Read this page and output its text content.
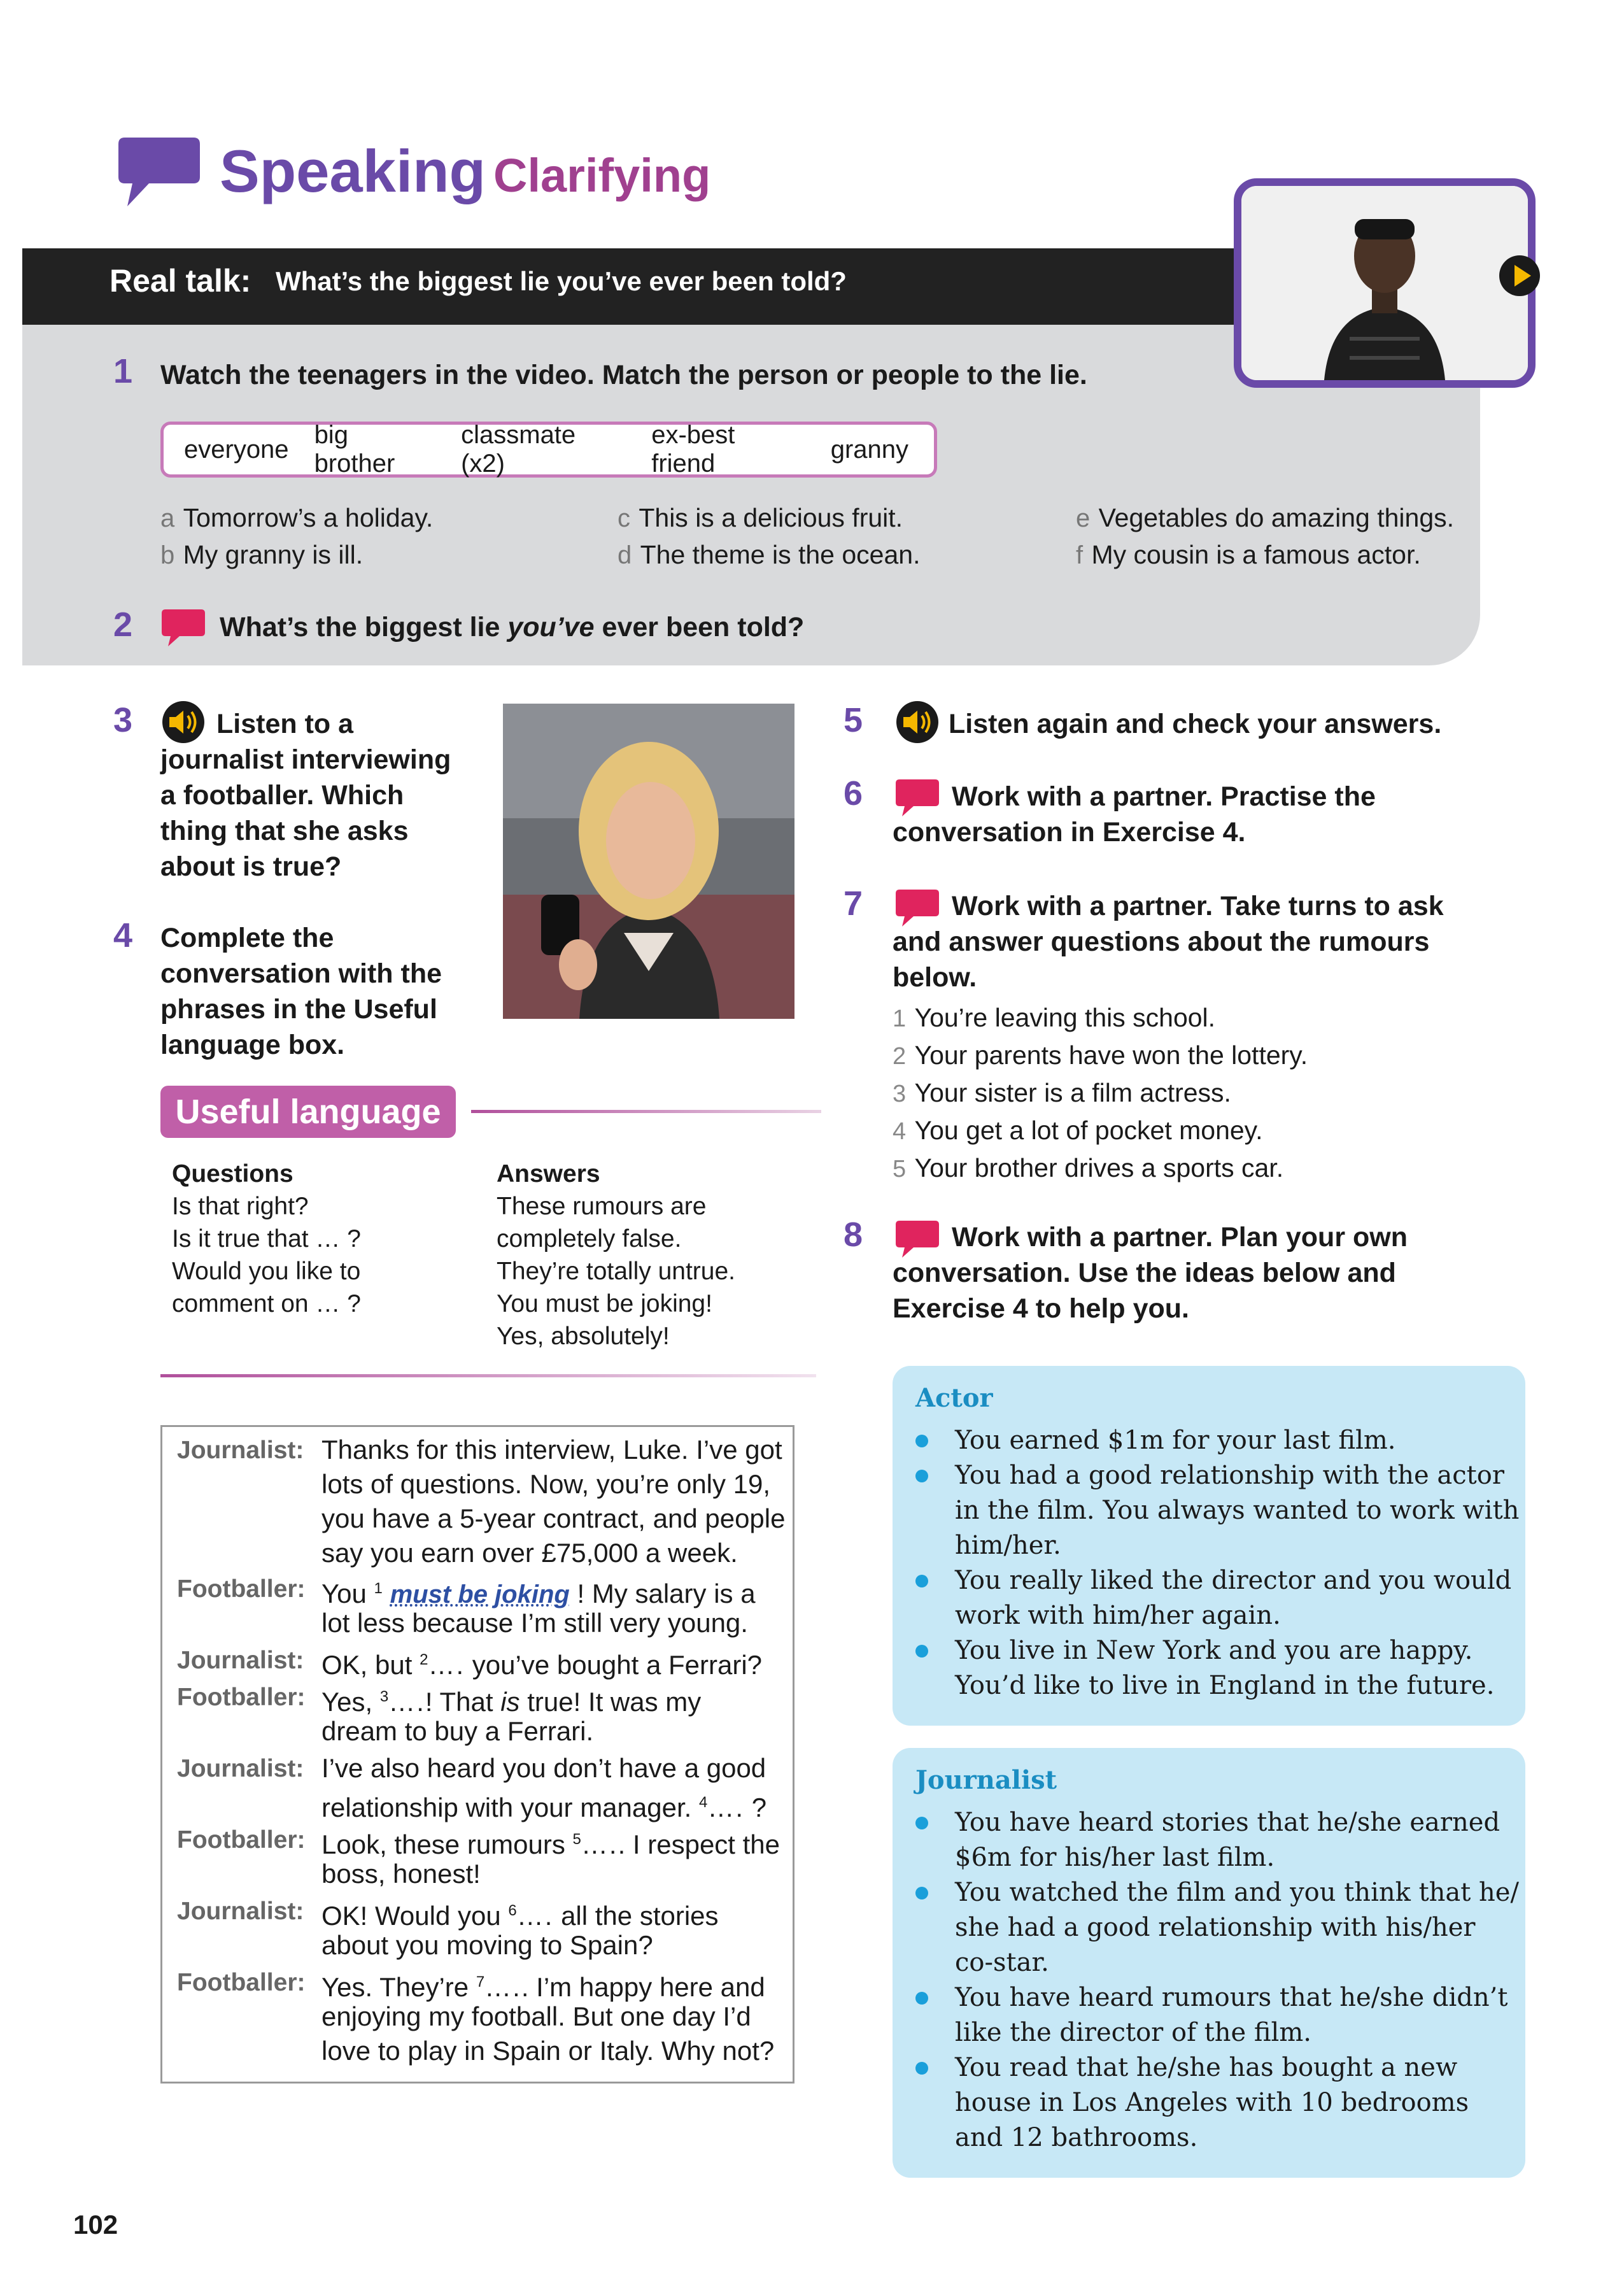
Speaking Clarifying
Real talk: What’s the biggest lie you’ve ever been told?
1 Watch the teenagers in the video. Match the person or people to the lie.
everyone
big brother
classmate (x2)
ex-best friend
granny
a Tomorrow’s a holiday.
b My granny is ill.
c This is a delicious fruit.
d The theme is the ocean.
e Vegetables do amazing things.
f My cousin is a famous actor.
2	What’s the biggest lie you’ve ever been told?
3	Listen to a
journalist interviewing
a footballer. Which
thing that she asks
about is true?
4 Complete the
conversation with the
phrases in the Useful
language box.
Useful language
Questions
Is that right?
Is it true that … ?
Would you like to
comment on … ?
Answers
These rumours are
completely false.
They’re totally untrue.
You must be joking!
Yes, absolutely!
Journalist: Thanks for this interview, Luke. I’ve got
lots of questions. Now, you’re only 19,
you have a 5-year contract, and people
say you earn over £75,000 a week.
Footballer: You $^1$ must be joking ! My salary is a
lot less because I’m still very young.
Journalist: OK, but $^2$…. you’ve bought a Ferrari?
Footballer: Yes, $^3$….! That is true! It was my
dream to buy a Ferrari.
Journalist: I’ve also heard you don’t have a good
relationship with your manager. $^4$…. ?
Footballer: Look, these rumours $^5$….. I respect the
boss, honest!
Journalist: OK! Would you $^6$…. all the stories
about you moving to Spain?
Footballer: Yes. They’re $^7$….. I’m happy here and
enjoying my football. But one day I’d
love to play in Spain or Italy. Why not?
5	Listen again and check your answers.
6	Work with a partner. Practise the
conversation in Exercise 4.
7	Work with a partner. Take turns to ask
and answer questions about the rumours
below.
1 You’re leaving this school.
2 Your parents have won the lottery.
3 Your sister is a film actress.
4 You get a lot of pocket money.
5 Your brother drives a sports car.
8	Work with a partner. Plan your own
conversation. Use the ideas below and
Exercise 4 to help you.
Actor
You earned $1m for your last film.
You had a good relationship with the actor
in the film. You always wanted to work with
him/her.
You really liked the director and you would
work with him/her again.
You live in New York and you are happy.
You’d like to live in England in the future.
Journalist
You have heard stories that he/she earned
$6m for his/her last film.
You watched the film and you think that he/
she had a good relationship with his/her
co-star.
You have heard rumours that he/she didn’t
like the director of the film.
You read that he/she has bought a new
house in Los Angeles with 10 bedrooms
and 12 bathrooms.
102
